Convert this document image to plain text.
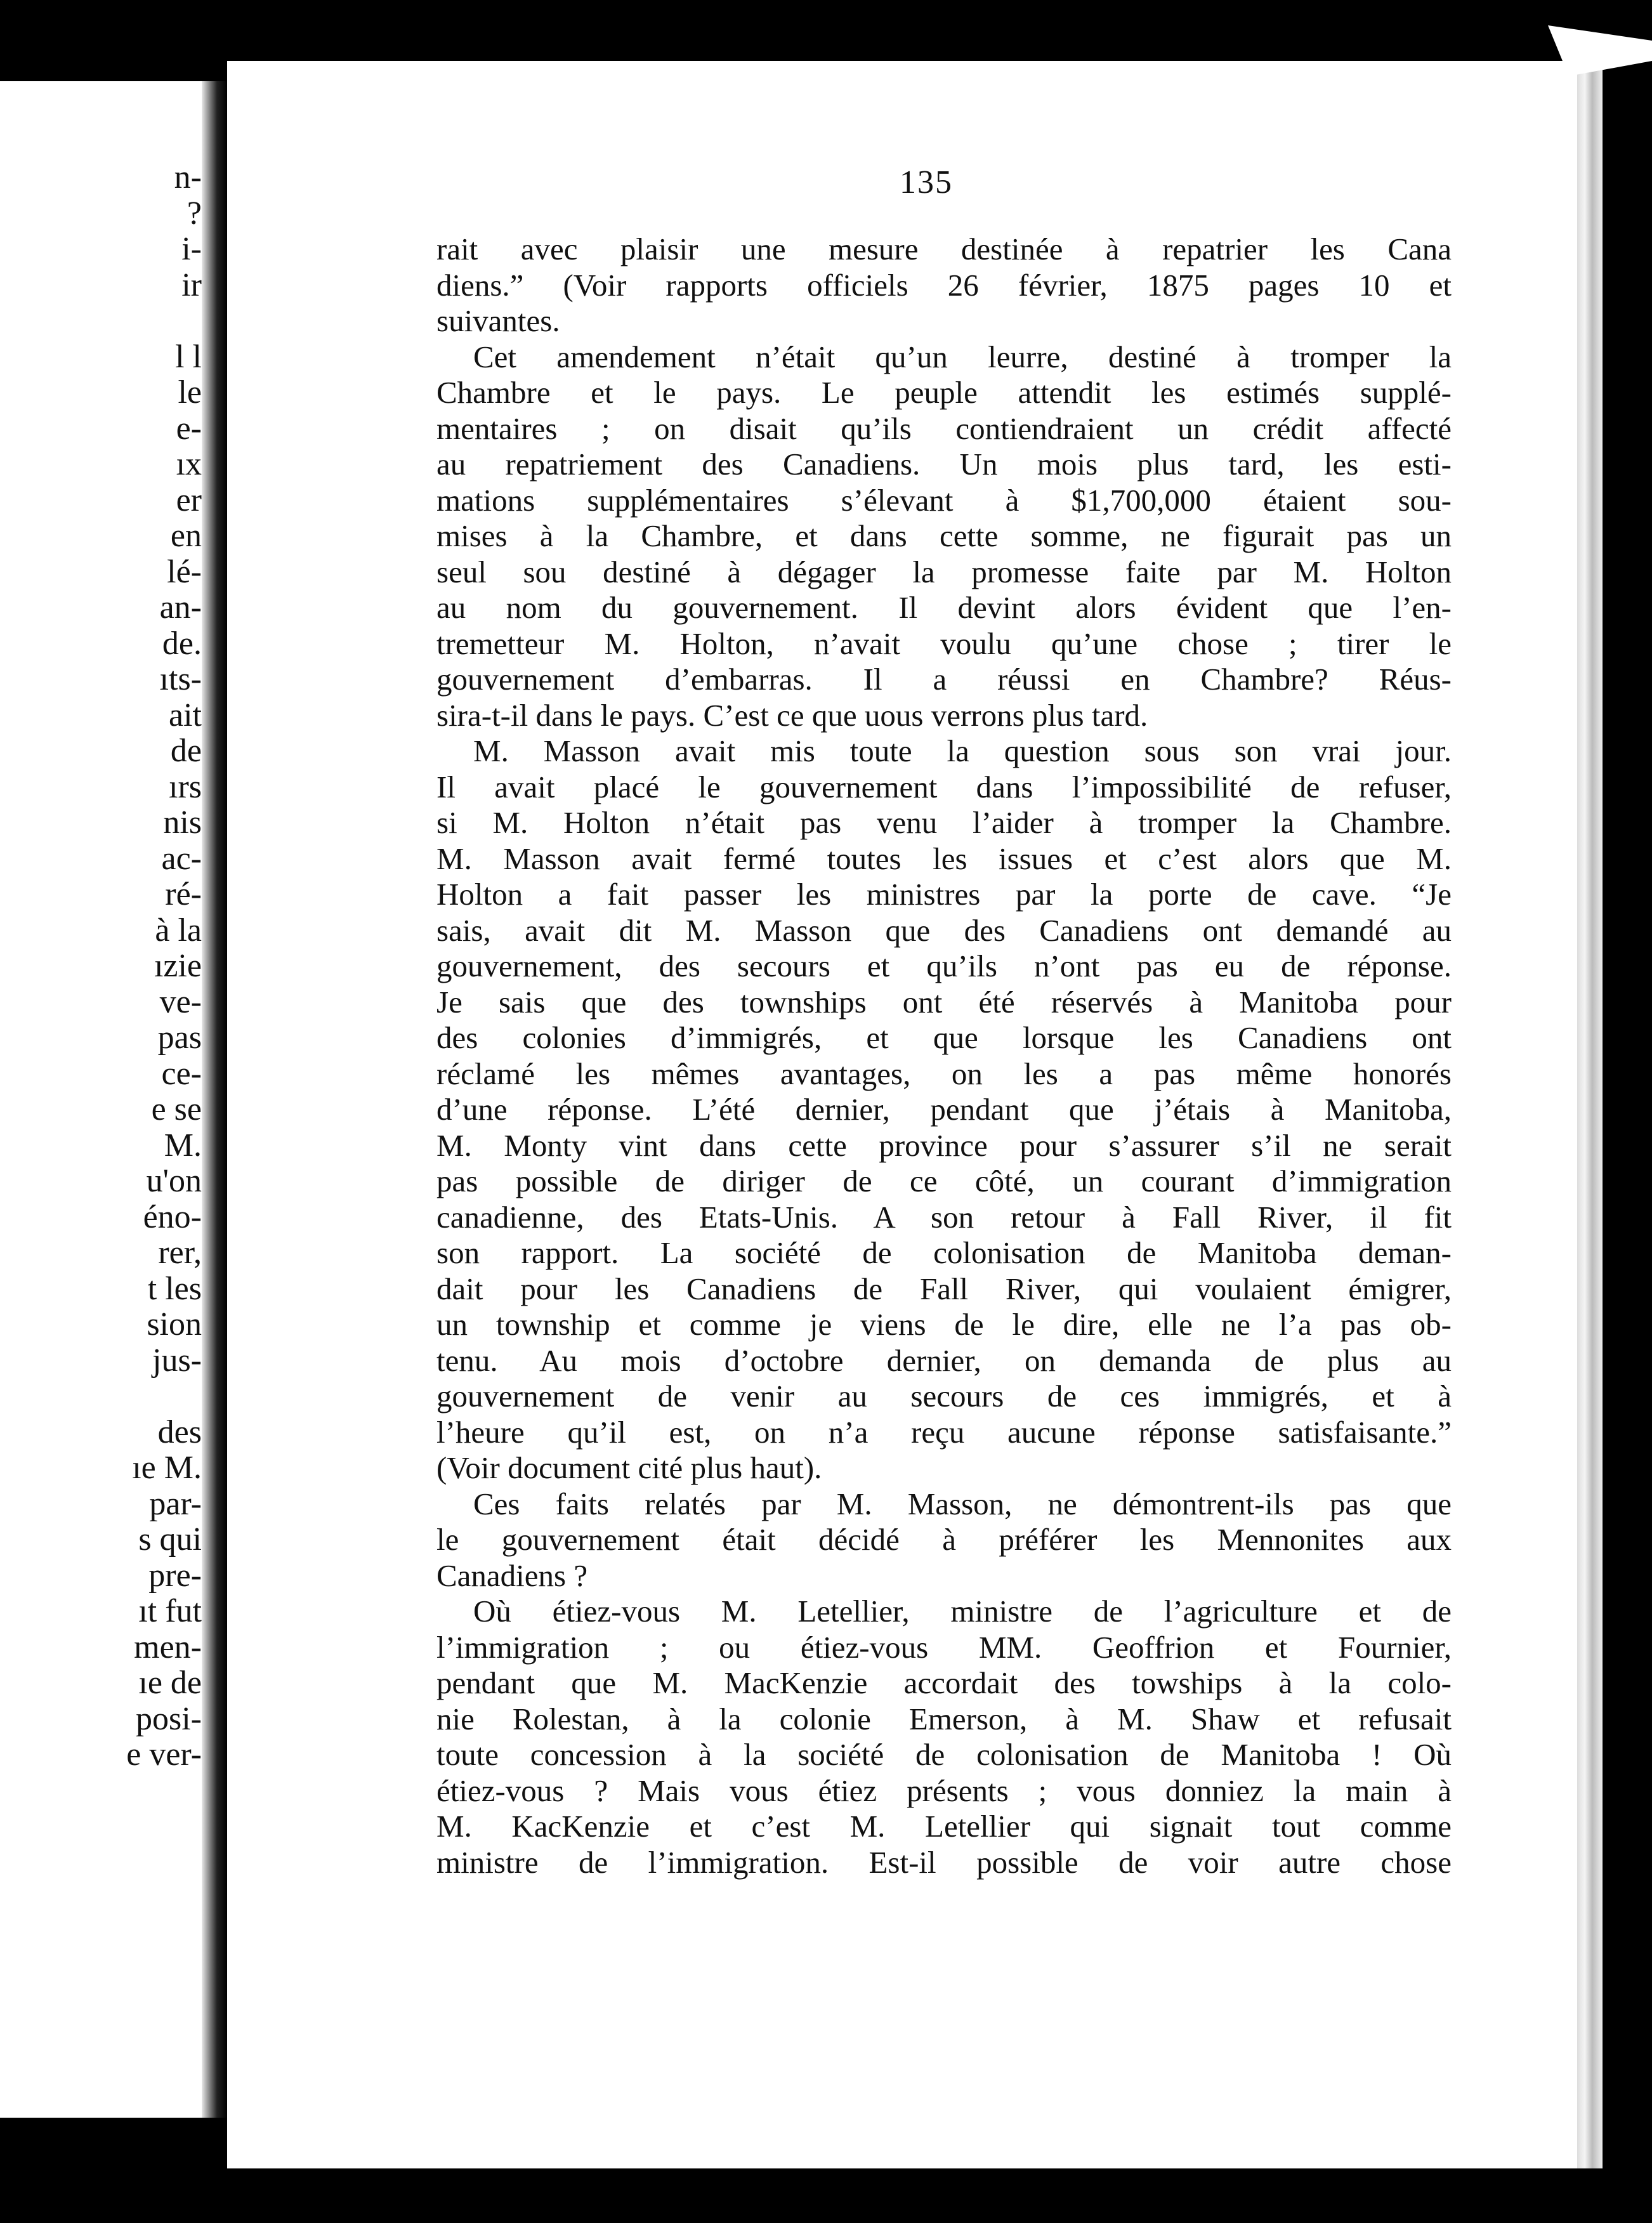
n-
?
i-
ir
l l
le
e-
ıx
er
en
lé-
an-
de.
ıts-
ait
de
ırs
nis
ac-
ré-
à la
ızie
ve-
pas
ce-
e se
M.
u'on
éno-
rer,
t les
sion
jus-
des
ıe M.
par-
s qui
pre-
ıt fut
men-
ıe de
posi-
e ver-
135
rait avec plaisir une mesure destinée à repatrier les Cana
diens.” (Voir rapports officiels 26 février, 1875 pages 10 et
suivantes.
Cet amendement n’était qu’un leurre, destiné à tromper la
Chambre et le pays. Le peuple attendit les estimés supplé-
mentaires ; on disait qu’ils contiendraient un crédit affecté
au repatriement des Canadiens. Un mois plus tard, les esti-
mations supplémentaires s’élevant à $1,700,000 étaient sou-
mises à la Chambre, et dans cette somme, ne figurait pas un
seul sou destiné à dégager la promesse faite par M. Holton
au nom du gouvernement. Il devint alors évident que l’en-
tremetteur M. Holton, n’avait voulu qu’une chose ; tirer le
gouvernement d’embarras. Il a réussi en Chambre? Réus-
sira-t-il dans le pays. C’est ce que uous verrons plus tard.
M. Masson avait mis toute la question sous son vrai jour.
Il avait placé le gouvernement dans l’impossibilité de refuser,
si M. Holton n’était pas venu l’aider à tromper la Chambre.
M. Masson avait fermé toutes les issues et c’est alors que M.
Holton a fait passer les ministres par la porte de cave. “Je
sais, avait dit M. Masson que des Canadiens ont demandé au
gouvernement, des secours et qu’ils n’ont pas eu de réponse.
Je sais que des townships ont été réservés à Manitoba pour
des colonies d’immigrés, et que lorsque les Canadiens ont
réclamé les mêmes avantages, on les a pas même honorés
d’une réponse. L’été dernier, pendant que j’étais à Manitoba,
M. Monty vint dans cette province pour s’assurer s’il ne serait
pas possible de diriger de ce côté, un courant d’immigration
canadienne, des Etats-Unis. A son retour à Fall River, il fit
son rapport. La société de colonisation de Manitoba deman-
dait pour les Canadiens de Fall River, qui voulaient émigrer,
un township et comme je viens de le dire, elle ne l’a pas ob-
tenu. Au mois d’octobre dernier, on demanda de plus au
gouvernement de venir au secours de ces immigrés, et à
l’heure qu’il est, on n’a reçu aucune réponse satisfaisante.”
(Voir document cité plus haut).
Ces faits relatés par M. Masson, ne démontrent-ils pas que
le gouvernement était décidé à préférer les Mennonites aux
Canadiens ?
Où étiez-vous M. Letellier, ministre de l’agriculture et de
l’immigration ; ou étiez-vous MM. Geoffrion et Fournier,
pendant que M. MacKenzie accordait des towships à la colo-
nie Rolestan, à la colonie Emerson, à M. Shaw et refusait
toute concession à la société de colonisation de Manitoba ! Où
étiez-vous ? Mais vous étiez présents ; vous donniez la main à
M. KacKenzie et c’est M. Letellier qui signait tout comme
ministre de l’immigration. Est-il possible de voir autre chose
